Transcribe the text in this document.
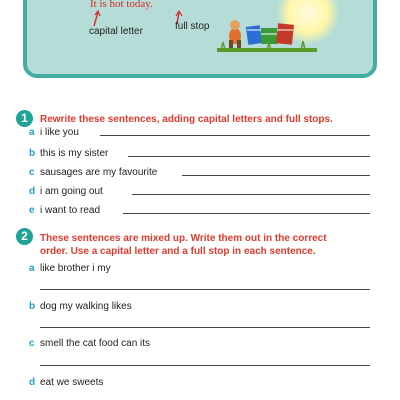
It is hot today.
capital letter	full stop
1	Rewrite these sentences, adding capital letters and full stops.
a i like you
b this is my sister
c sausages are my favourite
d i am going out
e i want to read
2	These sentences are mixed up. Write them out in the correct
order. Use a capital letter and a full stop in each sentence.
a like brother i my
b dog my walking likes
c smell the cat food can its
d eat we sweets
